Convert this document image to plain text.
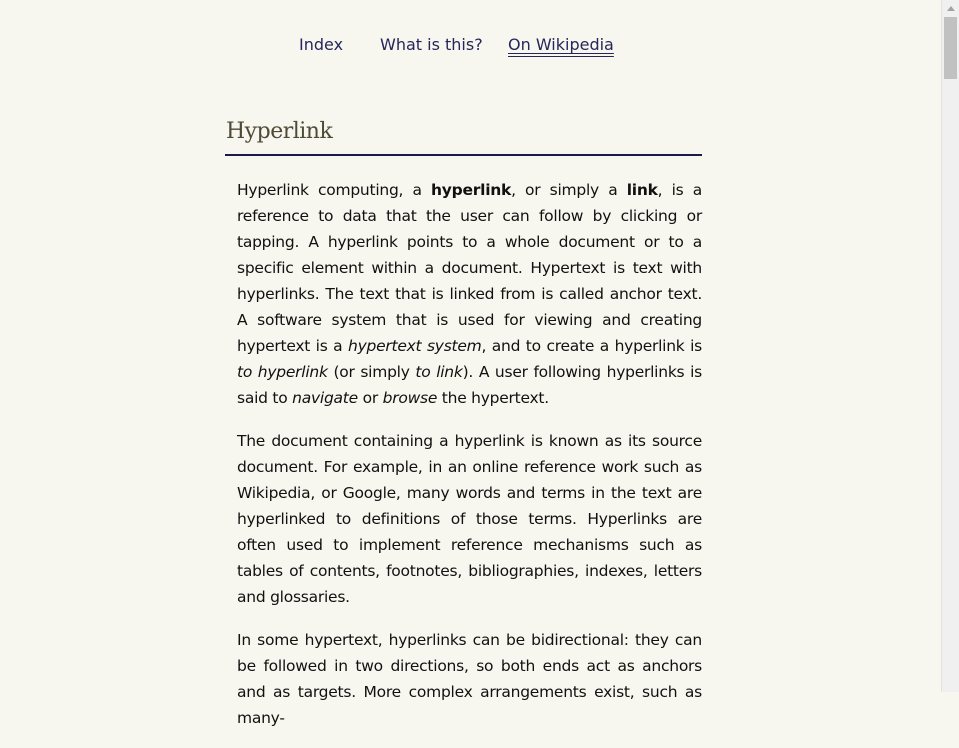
Index What is this? On Wikipedia
Hyperlink

Hyperlink computing, a hyperlink, or simply a link, is a reference to data that the user can follow by clicking or tapping. A hyperlink points to a whole document or to a specific element within a document. Hypertext is text with hyperlinks. The text that is linked from is called anchor text. A software system that is used for viewing and creating hypertext is a hypertext system, and to create a hyperlink is to hyperlink (or simply to link). A user following hyperlinks is said to navigate or browse the hypertext.

The document containing a hyperlink is known as its source document. For example, in an online reference work such as Wikipedia, or Google, many words and terms in the text are hyperlinked to definitions of those terms. Hyperlinks are often used to implement reference mechanisms such as tables of contents, footnotes, bibliographies, indexes, letters and glossaries.

In some hypertext, hyperlinks can be bidirectional: they can be followed in two directions, so both ends act as anchors and as targets. More complex arrangements exist, such as many-
